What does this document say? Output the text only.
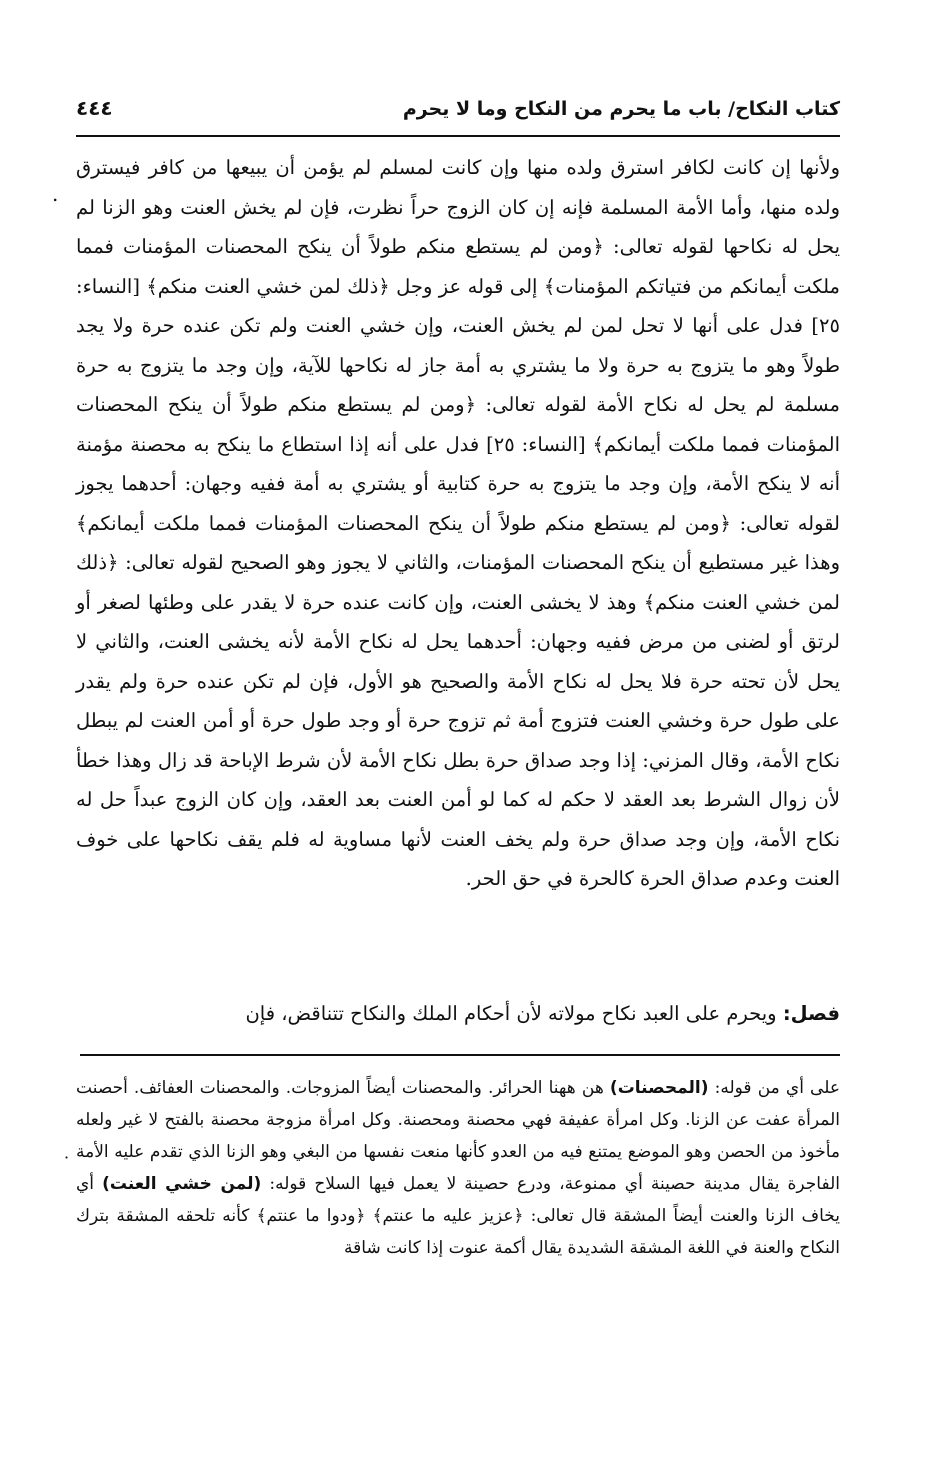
كتاب النكاح/ باب ما يحرم من النكاح وما لا يحرم
٤٤٤
.

ولأنها إن كانت لكافر استرق ولده منها وإن كانت لمسلم لم يؤمن أن يبيعها من كافر فيسترق ولده منها، وأما الأمة المسلمة فإنه إن كان الزوج حراً نظرت، فإن لم يخش العنت وهو الزنا لم يحل له نكاحها لقوله تعالى: ﴿ومن لم يستطع منكم طولاً أن ينكح المحصنات المؤمنات فمما ملكت أيمانكم من فتياتكم المؤمنات﴾ إلى قوله عز وجل ﴿ذلك لمن خشي العنت منكم﴾ [النساء: ٢٥] فدل على أنها لا تحل لمن لم يخش العنت، وإن خشي العنت ولم تكن عنده حرة ولا يجد طولاً وهو ما يتزوج به حرة ولا ما يشتري به أمة جاز له نكاحها للآية، وإن وجد ما يتزوج به حرة مسلمة لم يحل له نكاح الأمة لقوله تعالى: ﴿ومن لم يستطع منكم طولاً أن ينكح المحصنات المؤمنات فمما ملكت أيمانكم﴾ [النساء: ٢٥] فدل على أنه إذا استطاع ما ينكح به محصنة مؤمنة أنه لا ينكح الأمة، وإن وجد ما يتزوج به حرة كتابية أو يشتري به أمة ففيه وجهان: أحدهما يجوز لقوله تعالى: ﴿ومن لم يستطع منكم طولاً أن ينكح المحصنات المؤمنات فمما ملكت أيمانكم﴾ وهذا غير مستطيع أن ينكح المحصنات المؤمنات، والثاني لا يجوز وهو الصحيح لقوله تعالى: ﴿ذلك لمن خشي العنت منكم﴾ وهذ لا يخشى العنت، وإن كانت عنده حرة لا يقدر على وطئها لصغر أو لرتق أو لضنى من مرض ففيه وجهان: أحدهما يحل له نكاح الأمة لأنه يخشى العنت، والثاني لا يحل لأن تحته حرة فلا يحل له نكاح الأمة والصحيح هو الأول، فإن لم تكن عنده حرة ولم يقدر على طول حرة وخشي العنت فتزوج أمة ثم تزوج حرة أو وجد طول حرة أو أمن العنت لم يبطل نكاح الأمة، وقال المزني: إذا وجد صداق حرة بطل نكاح الأمة لأن شرط الإباحة قد زال وهذا خطأ لأن زوال الشرط بعد العقد لا حكم له كما لو أمن العنت بعد العقد، وإن كان الزوج عبداً حل له نكاح الأمة، وإن وجد صداق حرة ولم يخف العنت لأنها مساوية له فلم يقف نكاحها على خوف العنت وعدم صداق الحرة كالحرة في حق الحر.

فصل: ويحرم على العبد نكاح مولاته لأن أحكام الملك والنكاح تتناقض، فإن

·

على أي من قوله: (المحصنات) هن ههنا الحرائر. والمحصنات أيضاً المزوجات. والمحصنات العفائف. أحصنت المرأة عفت عن الزنا. وكل امرأة عفيفة فهي محصنة ومحصنة. وكل امرأة مزوجة محصنة بالفتح لا غير ولعله مأخوذ من الحصن وهو الموضع يمتنع فيه من العدو كأنها منعت نفسها من البغي وهو الزنا الذي تقدم عليه الأمة الفاجرة يقال مدينة حصينة أي ممنوعة، ودرع حصينة لا يعمل فيها السلاح قوله: (لمن خشي العنت) أي يخاف الزنا والعنت أيضاً المشقة قال تعالى: ﴿عزيز عليه ما عنتم﴾ ﴿ودوا ما عنتم﴾ كأنه تلحقه المشقة بترك النكاح والعنة في اللغة المشقة الشديدة يقال أكمة عنوت إذا كانت شاقة
